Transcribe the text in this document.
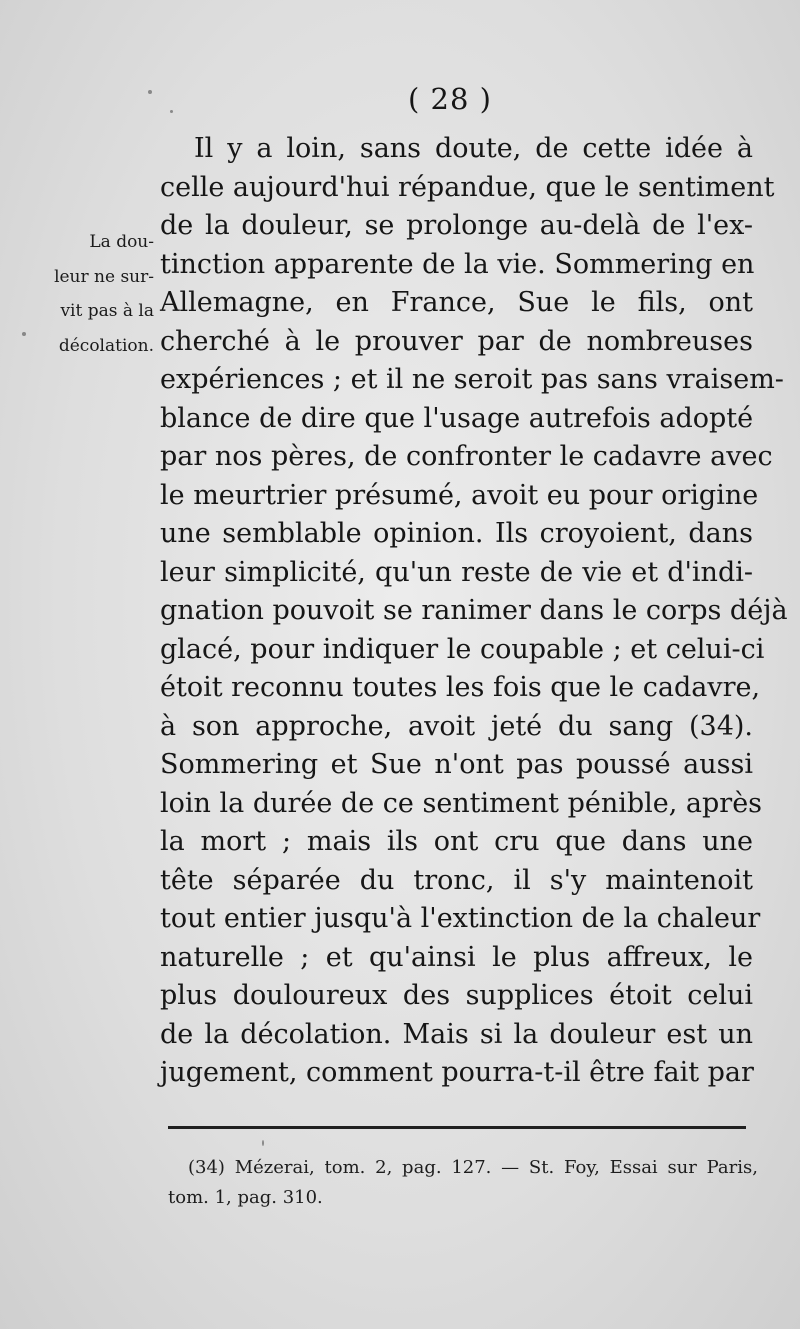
( 28 )
La dou-
leur ne sur-
vit pas à la
décolation.
Il y a loin, sans doute, de cette idée à
celle aujourd'hui répandue, que le sentiment
de la douleur, se prolonge au-delà de l'ex-
tinction apparente de la vie. Sommering en
Allemagne, en France, Sue le fils, ont
cherché à le prouver par de nombreuses
expériences ; et il ne seroit pas sans vraisem-
blance de dire que l'usage autrefois adopté
par nos pères, de confronter le cadavre avec
le meurtrier présumé, avoit eu pour origine
une semblable opinion. Ils croyoient, dans
leur simplicité, qu'un reste de vie et d'indi-
gnation pouvoit se ranimer dans le corps déjà
glacé, pour indiquer le coupable ; et celui-ci
étoit reconnu toutes les fois que le cadavre,
à son approche, avoit jeté du sang (34).
Sommering et Sue n'ont pas poussé aussi
loin la durée de ce sentiment pénible, après
la mort ; mais ils ont cru que dans une
tête séparée du tronc, il s'y maintenoit
tout entier jusqu'à l'extinction de la chaleur
naturelle ; et qu'ainsi le plus affreux, le
plus douloureux des supplices étoit celui
de la décolation. Mais si la douleur est un
jugement, comment pourra-t-il être fait par
(34) Mézerai, tom. 2, pag. 127. — St. Foy, Essai sur Paris,
tom. 1, pag. 310.
